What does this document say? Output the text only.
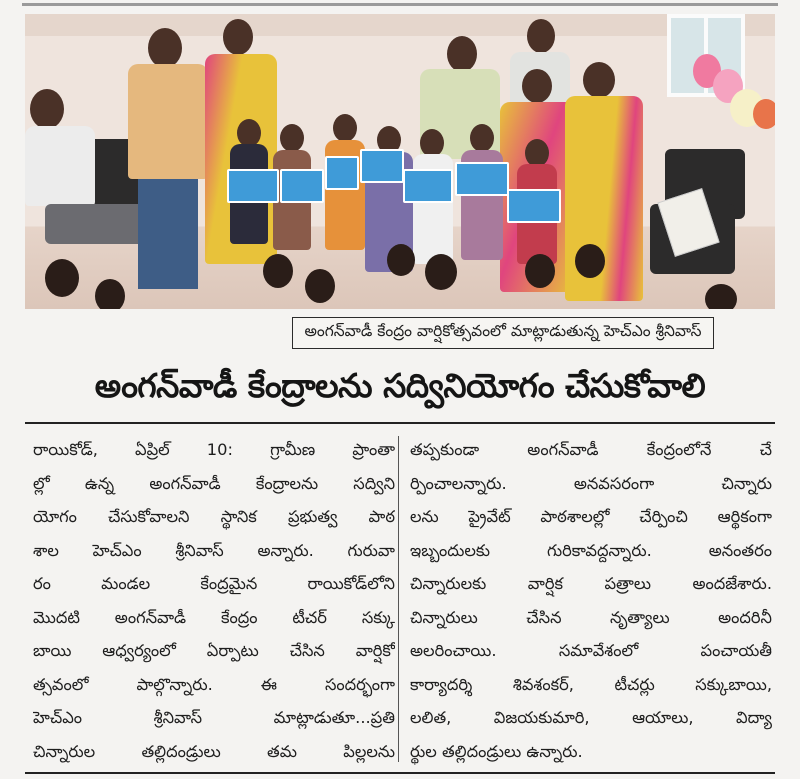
అంగన్‌వాడీ కేంద్రం వార్షికోత్సవంలో మాట్లాడుతున్న హెచ్ఎం శ్రీనివాస్
అంగన్‌వాడీ కేంద్రాలను సద్వినియోగం చేసుకోవాలి
రాయికోడ్, ఏప్రిల్ 10: గ్రామీణ ప్రాంతా
ల్లో ఉన్న అంగన్‌వాడీ కేంద్రాలను సద్విని
యోగం చేసుకోవాలని స్థానిక ప్రభుత్వ పాఠ
శాల హెచ్ఎం శ్రీనివాస్ అన్నారు. గురువా
రం మండల కేంద్రమైన రాయికోడ్‌లోని
మొదటి అంగన్‌వాడీ కేంద్రం టీచర్ సక్కు
బాయి ఆధ్వర్యంలో ఏర్పాటు చేసిన వార్షికో
త్సవంలో పాల్గొన్నారు. ఈ సందర్భంగా
హెచ్ఎం శ్రీనివాస్ మాట్లాడుతూ...ప్రతి
చిన్నారుల తల్లిదండ్రులు తమ పిల్లలను
తప్పకుండా అంగన్‌వాడీ కేంద్రంలోనే చే
ర్పించాలన్నారు. అనవసరంగా చిన్నారు
లను ప్రైవేట్ పాఠశాలల్లో చేర్పించి ఆర్థికంగా
ఇబ్బందులకు గురికావద్దన్నారు. అనంతరం
చిన్నారులకు వార్షిక పత్రాలు అందజేశారు.
చిన్నారులు చేసిన నృత్యాలు అందరినీ
అలరించాయి. సమావేశంలో పంచాయతీ
కార్యాదర్శి శివశంకర్, టీచర్లు సక్కుబాయి,
లలిత, విజయకుమారి, ఆయాలు, విద్యా
ర్థుల తల్లిదండ్రులు ఉన్నారు.
